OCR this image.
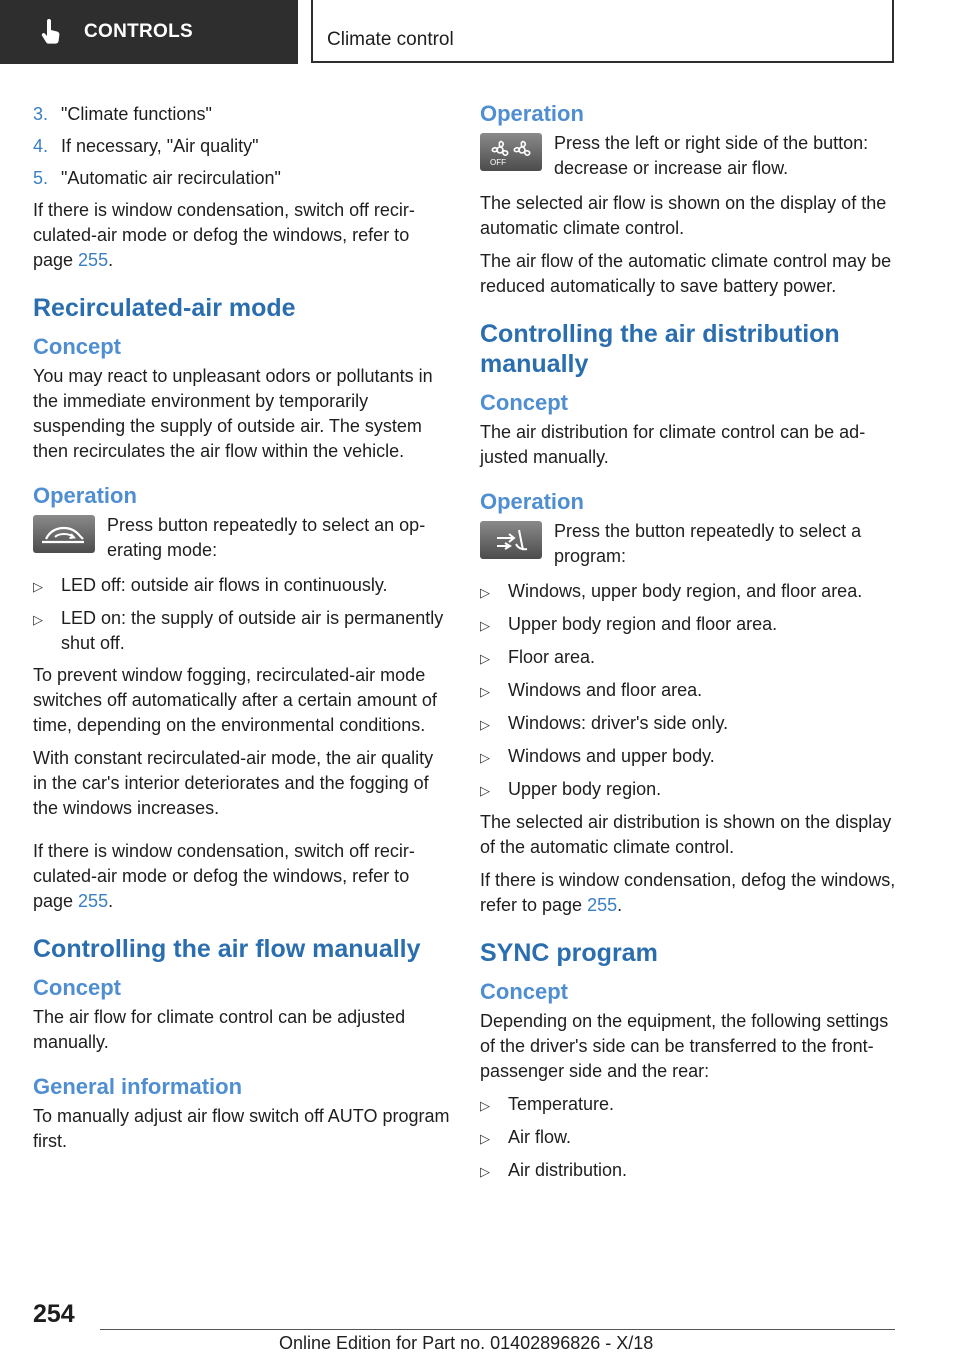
CONTROLS	Climate control
3. "Climate functions"
4. If necessary, "Air quality"
5. "Automatic air recirculation"

If there is window condensation, switch off recirculated-air mode or defog the windows, refer to page 255.

Recirculated-air mode
Concept

You may react to unpleasant odors or pollutants in the immediate environment by temporarily suspending the supply of outside air. The system then recirculates the air flow within the vehicle.

Operation

Press button repeatedly to select an operating mode:

▷	LED off: outside air flows in continuously.
▷	LED on: the supply of outside air is permanently shut off.

To prevent window fogging, recirculated-air mode switches off automatically after a certain amount of time, depending on the environmental conditions.

With constant recirculated-air mode, the air quality in the car's interior deteriorates and the fogging of the windows increases.

If there is window condensation, switch off recirculated-air mode or defog the windows, refer to page 255.

Controlling the air flow manually
Concept

The air flow for climate control can be adjusted manually.

General information

To manually adjust air flow switch off AUTO program first.

Operation
OFF

Press the left or right side of the button: decrease or increase air flow.

The selected air flow is shown on the display of the automatic climate control.

The air flow of the automatic climate control may be reduced automatically to save battery power.

Controlling the air distribution manually
Concept

The air distribution for climate control can be adjusted manually.

Operation

Press the button repeatedly to select a program:

▷	Windows, upper body region, and floor area.
▷	Upper body region and floor area.
▷	Floor area.
▷	Windows and floor area.
▷	Windows: driver's side only.
▷	Windows and upper body.
▷	Upper body region.

The selected air distribution is shown on the display of the automatic climate control.

If there is window condensation, defog the windows, refer to page 255.

SYNC program
Concept

Depending on the equipment, the following settings of the driver's side can be transferred to the front-passenger side and the rear:

▷	Temperature.
▷	Air flow.
▷	Air distribution.
254
Online Edition for Part no. 01402896826 - X/18
